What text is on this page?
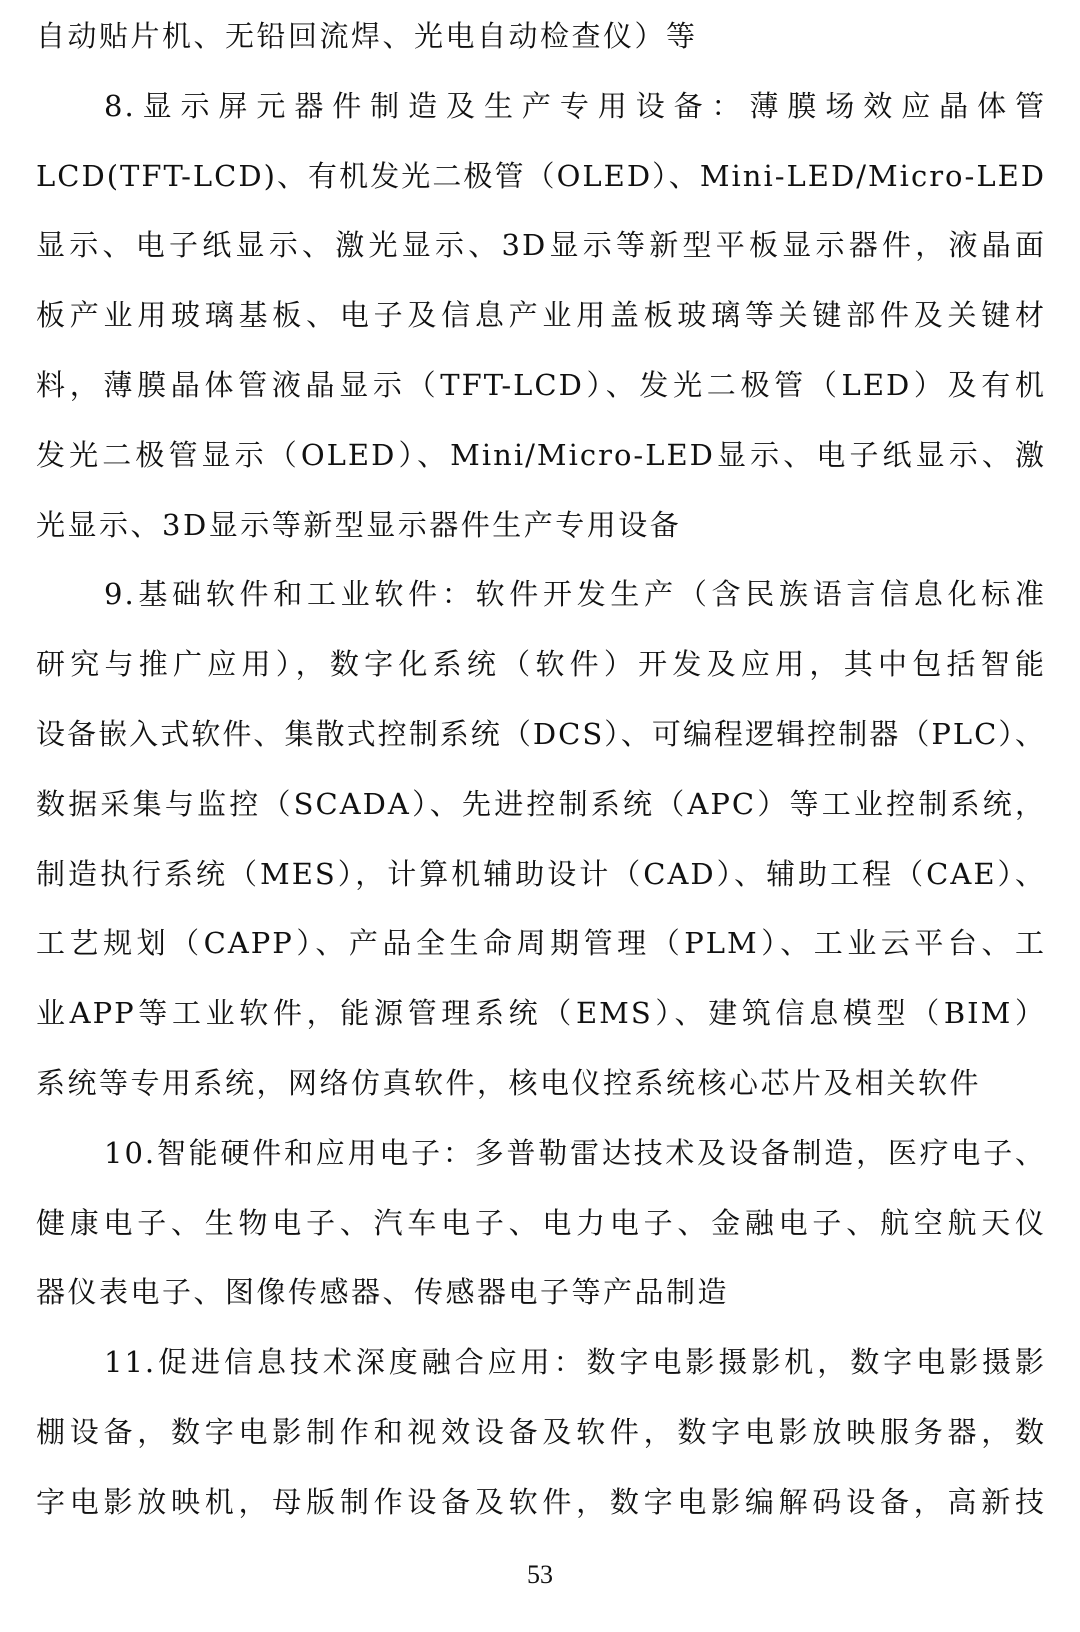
自动贴片机、无铅回流焊、光电自动检查仪）等
8.显示屏元器件制造及生产专用设备：薄膜场效应晶体管
LCD(TFT-LCD)、有机发光二极管（OLED）、Mini-LED/Micro-LED
显示、电子纸显示、激光显示、3D显示等新型平板显示器件，液晶面
板产业用玻璃基板、电子及信息产业用盖板玻璃等关键部件及关键材
料，薄膜晶体管液晶显示（TFT-LCD）、发光二极管（LED）及有机
发光二极管显示（OLED）、Mini/Micro-LED显示、电子纸显示、激
光显示、3D显示等新型显示器件生产专用设备
9.基础软件和工业软件：软件开发生产（含民族语言信息化标准
研究与推广应用），数字化系统（软件）开发及应用，其中包括智能
设备嵌入式软件、集散式控制系统（DCS）、可编程逻辑控制器（PLC）、
数据采集与监控（SCADA）、先进控制系统（APC）等工业控制系统，
制造执行系统（MES），计算机辅助设计（CAD）、辅助工程（CAE）、
工艺规划（CAPP）、产品全生命周期管理（PLM）、工业云平台、工
业APP等工业软件，能源管理系统（EMS）、建筑信息模型（BIM）
系统等专用系统，网络仿真软件，核电仪控系统核心芯片及相关软件
10.智能硬件和应用电子：多普勒雷达技术及设备制造，医疗电子、
健康电子、生物电子、汽车电子、电力电子、金融电子、航空航天仪
器仪表电子、图像传感器、传感器电子等产品制造
11.促进信息技术深度融合应用：数字电影摄影机，数字电影摄影
棚设备，数字电影制作和视效设备及软件，数字电影放映服务器，数
字电影放映机，母版制作设备及软件，数字电影编解码设备，高新技
53
